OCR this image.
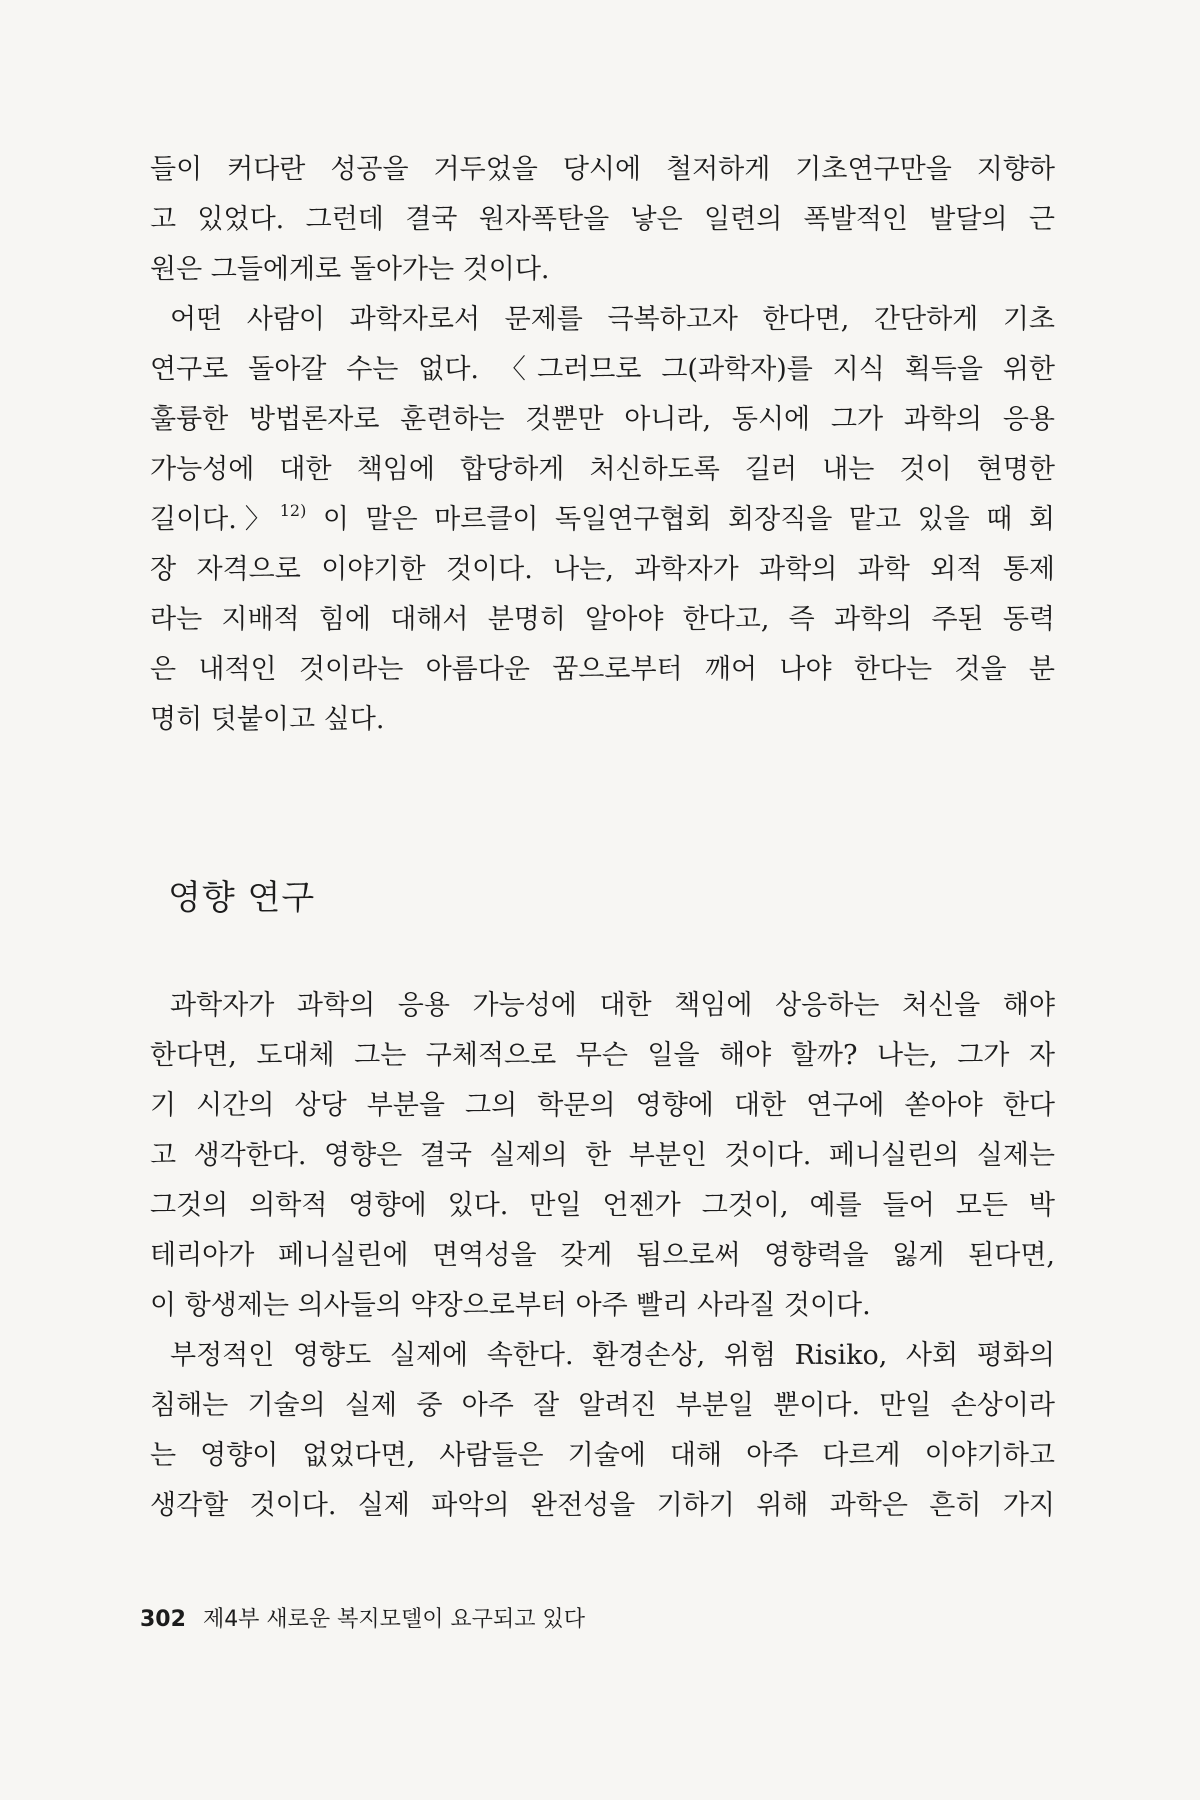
들이 커다란 성공을 거두었을 당시에 철저하게 기초연구만을 지향하
고 있었다. 그런데 결국 원자폭탄을 낳은 일련의 폭발적인 발달의 근
원은 그들에게로 돌아가는 것이다.
어떤 사람이 과학자로서 문제를 극복하고자 한다면, 간단하게 기초
연구로 돌아갈 수는 없다. 〈그러므로 그(과학자)를 지식 획득을 위한
훌륭한 방법론자로 훈련하는 것뿐만 아니라, 동시에 그가 과학의 응용
가능성에 대한 책임에 합당하게 처신하도록 길러 내는 것이 현명한
길이다.〉$^{12)}$ 이 말은 마르클이 독일연구협회 회장직을 맡고 있을 때 회
장 자격으로 이야기한 것이다. 나는, 과학자가 과학의 과학 외적 통제
라는 지배적 힘에 대해서 분명히 알아야 한다고, 즉 과학의 주된 동력
은 내적인 것이라는 아름다운 꿈으로부터 깨어 나야 한다는 것을 분
명히 덧붙이고 싶다.
영향 연구
과학자가 과학의 응용 가능성에 대한 책임에 상응하는 처신을 해야
한다면, 도대체 그는 구체적으로 무슨 일을 해야 할까? 나는, 그가 자
기 시간의 상당 부분을 그의 학문의 영향에 대한 연구에 쏟아야 한다
고 생각한다. 영향은 결국 실제의 한 부분인 것이다. 페니실린의 실제는
그것의 의학적 영향에 있다. 만일 언젠가 그것이, 예를 들어 모든 박
테리아가 페니실린에 면역성을 갖게 됨으로써 영향력을 잃게 된다면,
이 항생제는 의사들의 약장으로부터 아주 빨리 사라질 것이다.
부정적인 영향도 실제에 속한다. 환경손상, 위험 Risiko, 사회 평화의
침해는 기술의 실제 중 아주 잘 알려진 부분일 뿐이다. 만일 손상이라
는 영향이 없었다면, 사람들은 기술에 대해 아주 다르게 이야기하고
생각할 것이다. 실제 파악의 완전성을 기하기 위해 과학은 흔히 가지
302 제4부 새로운 복지모델이 요구되고 있다
